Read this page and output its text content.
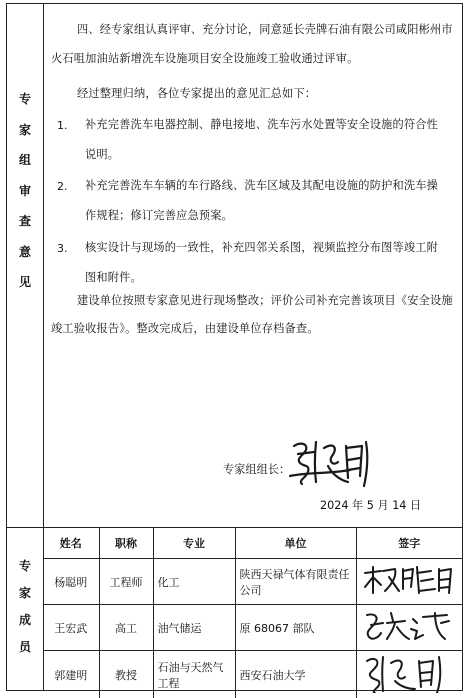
专
家
组
审
查
意
见

四、经专家组认真评审、充分讨论，同意延长壳牌石油有限公司咸阳彬州市

火石咀加油站新增洗车设施项目安全设施竣工验收通过评审。

经过整理归纳，各位专家提出的意见汇总如下：

1. 补充完善洗车电器控制、静电接地、洗车污水处置等安全设施的符合性

说明。

2. 补充完善洗车车辆的车行路线、洗车区域及其配电设施的防护和洗车操

作规程；修订完善应急预案。

3. 核实设计与现场的一致性，补充四邻关系图，视频监控分布图等竣工附

图和附件。

建设单位按照专家意见进行现场整改；评价公司补充完善该项目《安全设施

竣工验收报告》。整改完成后，由建设单位存档备查。

专家组组长：
2024 年 5 月 14 日
专
家
成
员
姓名	职称	专业	单位	签字
杨聪明	工程师	化工	陕西天禄气体有限责任公司	
王宏武	高工	油气储运	原 68067 部队	
郭建明	教授	石油与天然气工程	西安石油大学	
